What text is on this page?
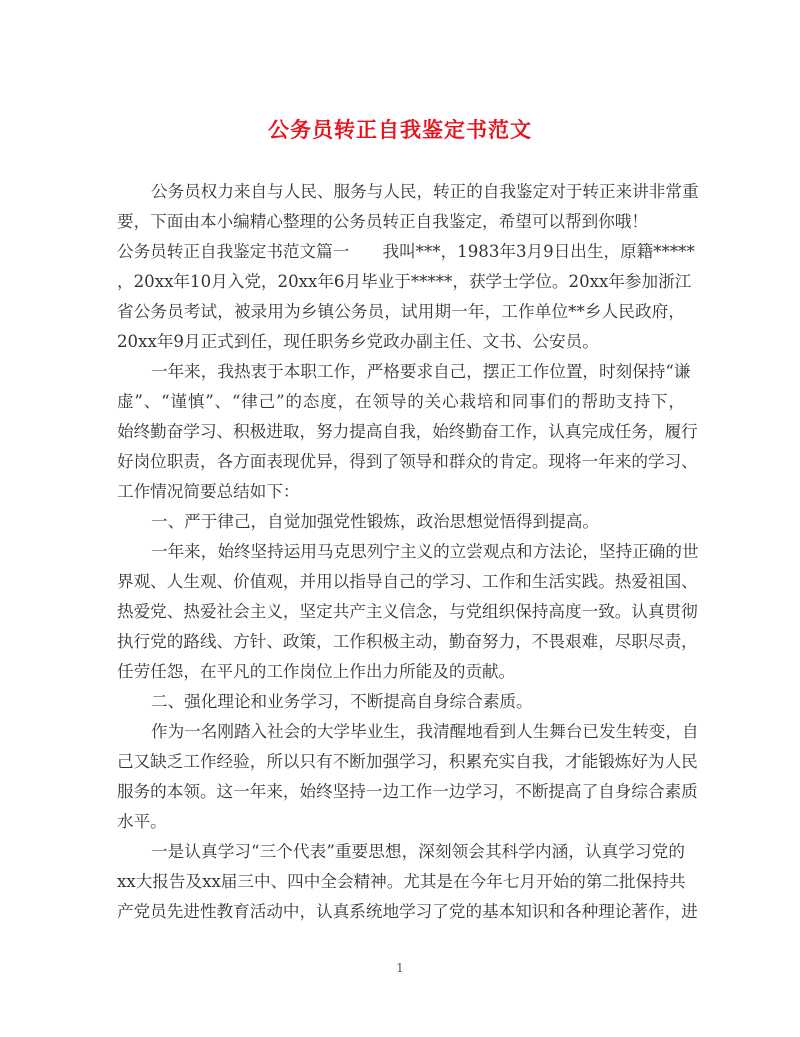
公务员转正自我鉴定书范文
公务员权力来自与人民、服务与人民，转正的自我鉴定对于转正来讲非常重
要，下面由本小编精心整理的公务员转正自我鉴定，希望可以帮到你哦！
公务员转正自我鉴定书范文篇一　　我叫***，1983年3月9日出生，原籍*****
，20xx年10月入党，20xx年6月毕业于*****，获学士学位。20xx年参加浙江
省公务员考试，被录用为乡镇公务员，试用期一年，工作单位**乡人民政府，
20xx年9月正式到任，现任职务乡党政办副主任、文书、公安员。
一年来，我热衷于本职工作，严格要求自己，摆正工作位置，时刻保持“谦
虚”、“谨慎”、“律己”的态度，在领导的关心栽培和同事们的帮助支持下，
始终勤奋学习、积极进取，努力提高自我，始终勤奋工作，认真完成任务，履行
好岗位职责，各方面表现优异，得到了领导和群众的肯定。现将一年来的学习、
工作情况简要总结如下：
一、严于律己，自觉加强党性锻炼，政治思想觉悟得到提高。
一年来，始终坚持运用马克思列宁主义的立尝观点和方法论，坚持正确的世
界观、人生观、价值观，并用以指导自己的学习、工作和生活实践。热爱祖国、
热爱党、热爱社会主义，坚定共产主义信念，与党组织保持高度一致。认真贯彻
执行党的路线、方针、政策，工作积极主动，勤奋努力，不畏艰难，尽职尽责，
任劳任怨，在平凡的工作岗位上作出力所能及的贡献。
二、强化理论和业务学习，不断提高自身综合素质。
作为一名刚踏入社会的大学毕业生，我清醒地看到人生舞台已发生转变，自
己又缺乏工作经验，所以只有不断加强学习，积累充实自我，才能锻炼好为人民
服务的本领。这一年来，始终坚持一边工作一边学习，不断提高了自身综合素质
水平。
一是认真学习“三个代表”重要思想，深刻领会其科学内涵，认真学习党的
xx大报告及xx届三中、四中全会精神。尤其是在今年七月开始的第二批保持共
产党员先进性教育活动中，认真系统地学习了党的基本知识和各种理论著作，进
1
